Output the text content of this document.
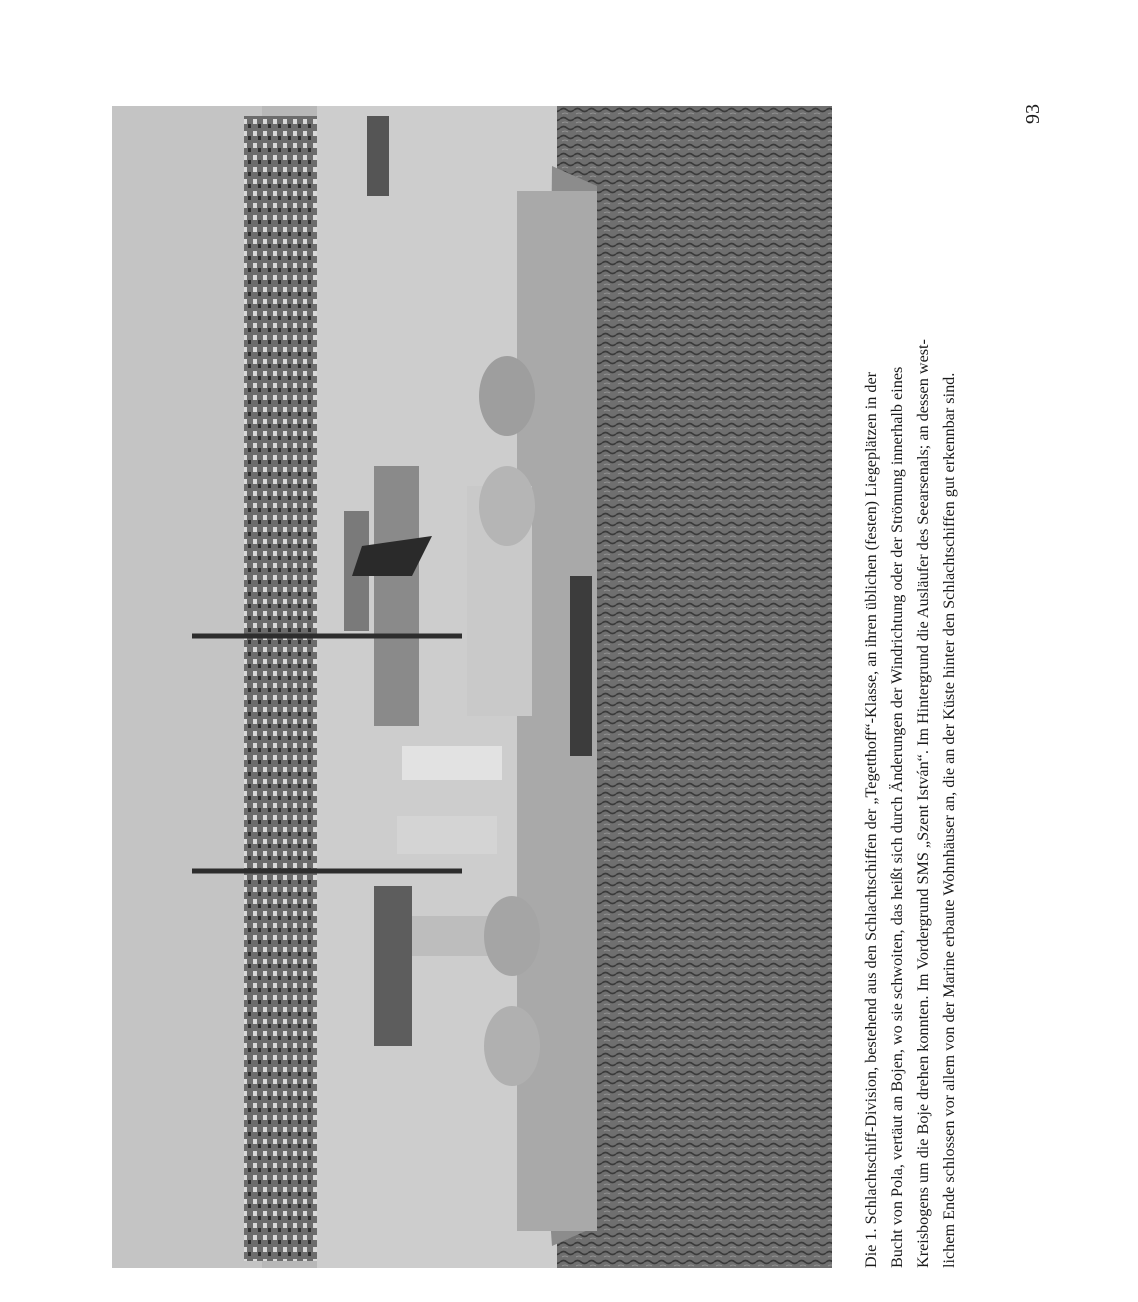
Die 1. Schlachtschiff-Division, bestehend aus den Schlachtschiffen der „Tegetthoff“-Klasse, an ihren üblichen (festen) Liegeplätzen in der Bucht von Pola, vertäut an Bojen, wo sie schwoiten, das heißt sich durch Änderungen der Windrichtung oder der Strömung innerhalb eines Kreisbogens um die Boje drehen konnten. Im Vordergrund SMS „Szent István“. Im Hintergrund die Ausläufer des Seearsenals; an dessen west- lichem Ende schlossen vor allem von der Marine erbaute Wohnhäuser an, die an der Küste hinter den Schlachtschiffen gut erkennbar sind.
93
